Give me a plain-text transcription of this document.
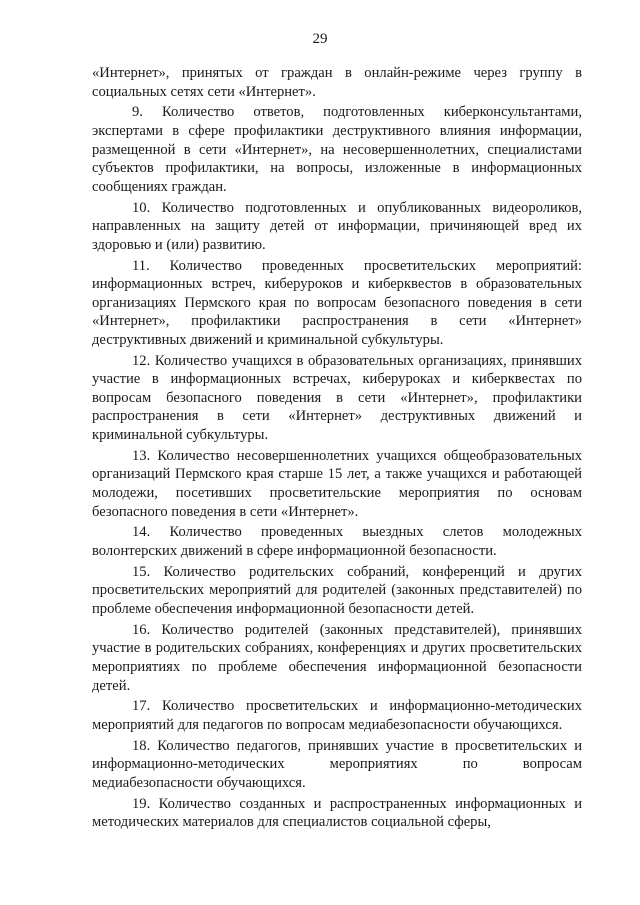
29

«Интернет», принятых от граждан в онлайн-режиме через группу в социальных сетях сети «Интернет».

9. Количество ответов, подготовленных киберконсультантами, экспертами в сфере профилактики деструктивного влияния информации, размещенной в сети «Интернет», на несовершеннолетних, специалистами субъектов профилактики, на вопросы, изложенные в информационных сообщениях граждан.

10. Количество подготовленных и опубликованных видеороликов, направленных на защиту детей от информации, причиняющей вред их здоровью и (или) развитию.

11. Количество проведенных просветительских мероприятий: информационных встреч, киберуроков и киберквестов в образовательных организациях Пермского края по вопросам безопасного поведения в сети «Интернет», профилактики распространения в сети «Интернет» деструктивных движений и криминальной субкультуры.

12. Количество учащихся в образовательных организациях, принявших участие в информационных встречах, киберуроках и киберквестах по вопросам безопасного поведения в сети «Интернет», профилактики распространения в сети «Интернет» деструктивных движений и криминальной субкультуры.

13. Количество несовершеннолетних учащихся общеобразовательных организаций Пермского края старше 15 лет, а также учащихся и работающей молодежи, посетивших просветительские мероприятия по основам безопасного поведения в сети «Интернет».

14. Количество проведенных выездных слетов молодежных волонтерских движений в сфере информационной безопасности.

15. Количество родительских собраний, конференций и других просветительских мероприятий для родителей (законных представителей) по проблеме обеспечения информационной безопасности детей.

16. Количество родителей (законных представителей), принявших участие в родительских собраниях, конференциях и других просветительских мероприятиях по проблеме обеспечения информационной безопасности детей.

17. Количество просветительских и информационно-методических мероприятий для педагогов по вопросам медиабезопасности обучающихся.

18. Количество педагогов, принявших участие в просветительских и информационно-методических мероприятиях по вопросам медиабезопасности обучающихся.

19. Количество созданных и распространенных информационных и методических материалов для специалистов социальной сферы,
